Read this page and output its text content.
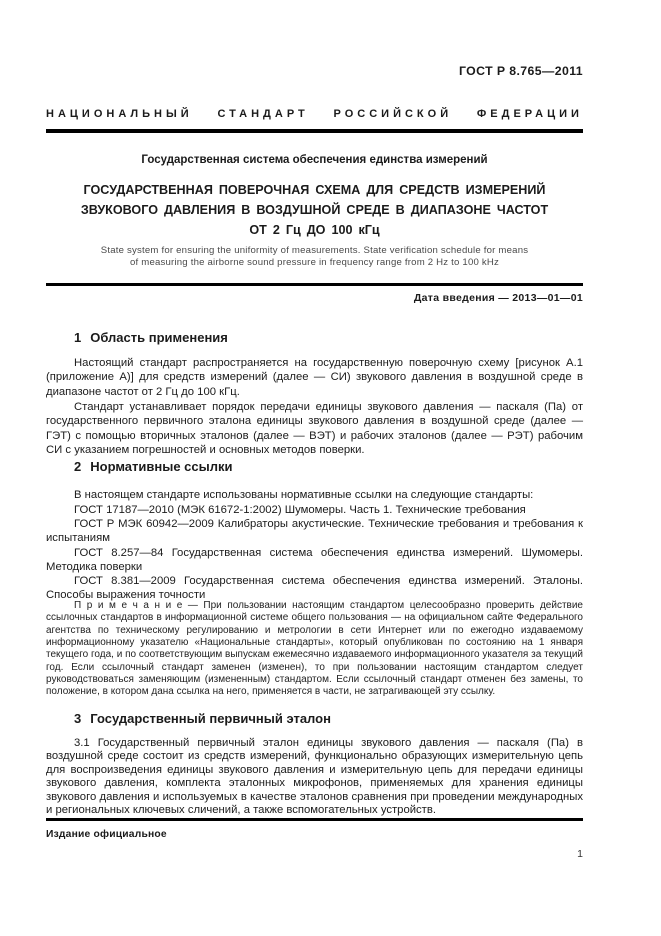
ГОСТ Р 8.765—2011
НАЦИОНАЛЬНЫЙ СТАНДАРТ РОССИЙСКОЙ ФЕДЕРАЦИИ
Государственная система обеспечения единства измерений
ГОСУДАРСТВЕННАЯ ПОВЕРОЧНАЯ СХЕМА ДЛЯ СРЕДСТВ ИЗМЕРЕНИЙ
ЗВУКОВОГО ДАВЛЕНИЯ В ВОЗДУШНОЙ СРЕДЕ В ДИАПАЗОНЕ ЧАСТОТ
ОТ 2 Гц ДО 100 кГц
State system for ensuring the uniformity of measurements. State verification schedule for means
of measuring the airborne sound pressure in frequency range from 2 Hz to 100 kHz
Дата введения — 2013—01—01
1 Область применения
Настоящий стандарт распространяется на государственную поверочную схему [рисунок А.1 (приложение А)] для средств измерений (далее — СИ) звукового давления в воздушной среде в диапазоне частот от 2 Гц до 100 кГц.
Стандарт устанавливает порядок передачи единицы звукового давления — паскаля (Па) от государственного первичного эталона единицы звукового давления в воздушной среде (далее — ГЭТ) с помощью вторичных эталонов (далее — ВЭТ) и рабочих эталонов (далее — РЭТ) рабочим СИ с указанием погрешностей и основных методов поверки.
2 Нормативные ссылки
В настоящем стандарте использованы нормативные ссылки на следующие стандарты:
ГОСТ 17187—2010 (МЭК 61672-1:2002) Шумомеры. Часть 1. Технические требования
ГОСТ Р МЭК 60942—2009 Калибраторы акустические. Технические требования и требования к испытаниям
ГОСТ 8.257—84 Государственная система обеспечения единства измерений. Шумомеры. Методика поверки
ГОСТ 8.381—2009 Государственная система обеспечения единства измерений. Эталоны. Способы выражения точности
П р и м е ч а н и е — При пользовании настоящим стандартом целесообразно проверить действие ссылочных стандартов в информационной системе общего пользования — на официальном сайте Федерального агентства по техническому регулированию и метрологии в сети Интернет или по ежегодно издаваемому информационному указателю «Национальные стандарты», который опубликован по состоянию на 1 января текущего года, и по соответствующим выпускам ежемесячно издаваемого информационного указателя за текущий год. Если ссылочный стандарт заменен (изменен), то при пользовании настоящим стандартом следует руководствоваться заменяющим (измененным) стандартом. Если ссылочный стандарт отменен без замены, то положение, в котором дана ссылка на него, применяется в части, не затрагивающей эту ссылку.
3 Государственный первичный эталон
3.1 Государственный первичный эталон единицы звукового давления — паскаля (Па) в воздушной среде состоит из средств измерений, функционально образующих измерительную цепь для воспроизведения единицы звукового давления и измерительную цепь для передачи единицы звукового давления, комплекта эталонных микрофонов, применяемых для хранения единицы звукового давления и используемых в качестве эталонов сравнения при проведении международных и региональных ключевых сличений, а также вспомогательных устройств.
Издание официальное
1
